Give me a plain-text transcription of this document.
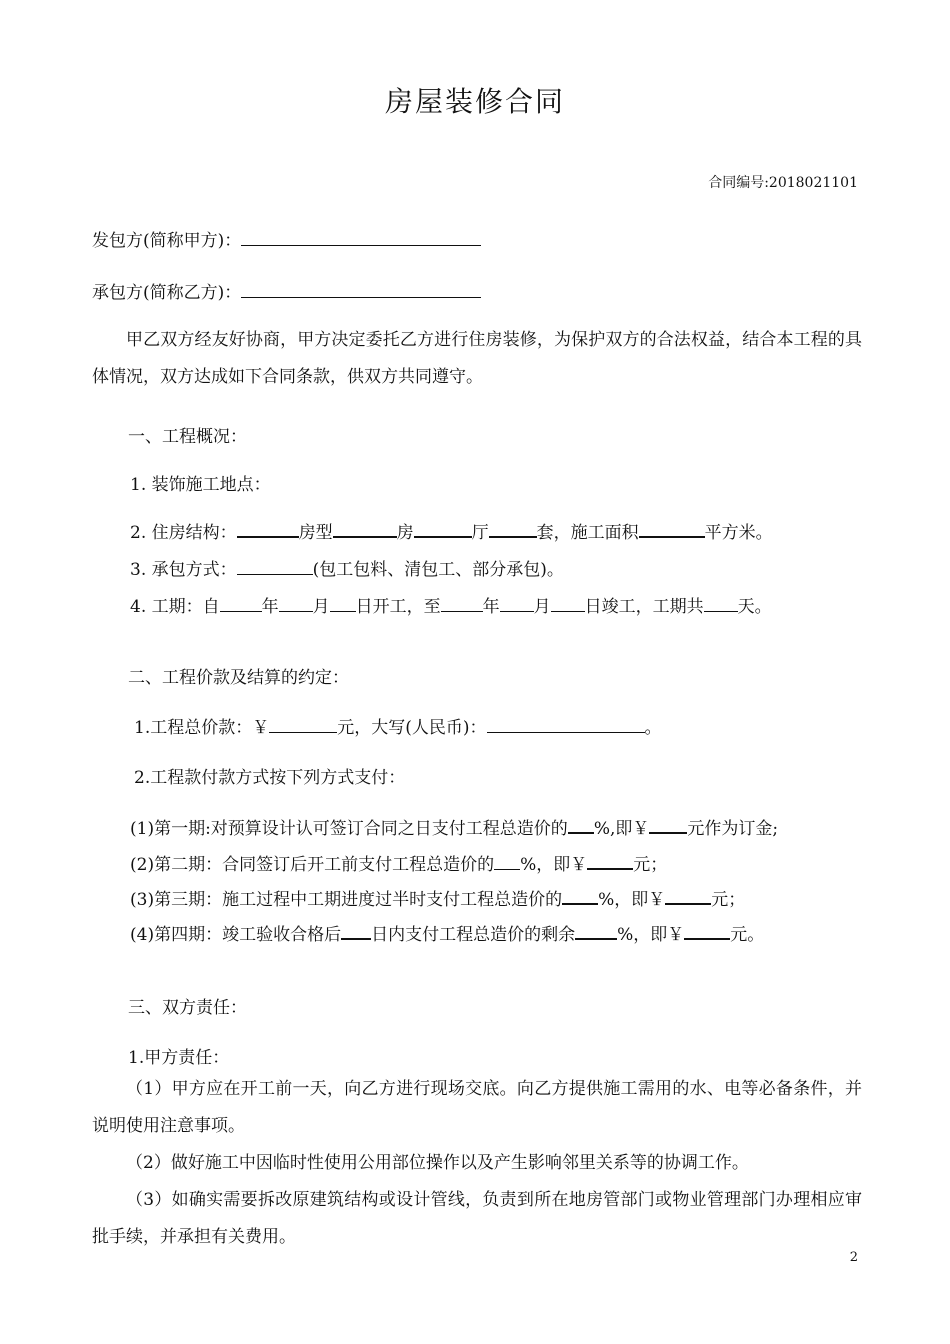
房屋装修合同
合同编号:2018021101
发包方(简称甲方)：
承包方(简称乙方)：
甲乙双方经友好协商，甲方决定委托乙方进行住房装修，为保护双方的合法权益，结合本工程的具体情况，双方达成如下合同条款，供双方共同遵守。
一、工程概况：
1. 装饰施工地点：
2. 住房结构：	房型	房	厅	套，施工面积	平方米。
3. 承包方式：	(包工包料、清包工、部分承包)。
4. 工期：自 年 月 日开工，至 年 月 日竣工，工期共 天。
二、工程价款及结算的约定：
1.工程总价款：￥	元，大写(人民币)：	。
2.工程款付款方式按下列方式支付：
(1)第一期:对预算设计认可签订合同之日支付工程总造价的 %,即￥ 元作为订金;
(2)第二期：合同签订后开工前支付工程总造价的 %，即￥	元；
(3)第三期：施工过程中工期进度过半时支付工程总造价的 %，即￥	元；
(4)第四期：竣工验收合格后 日内支付工程总造价的剩余 %，即￥	元。
三、双方责任：
1.甲方责任：
（1）甲方应在开工前一天，向乙方进行现场交底。向乙方提供施工需用的水、电等必备条件，并说明使用注意事项。
（2）做好施工中因临时性使用公用部位操作以及产生影响邻里关系等的协调工作。
（3）如确实需要拆改原建筑结构或设计管线，负责到所在地房管部门或物业管理部门办理相应审批手续，并承担有关费用。
2
